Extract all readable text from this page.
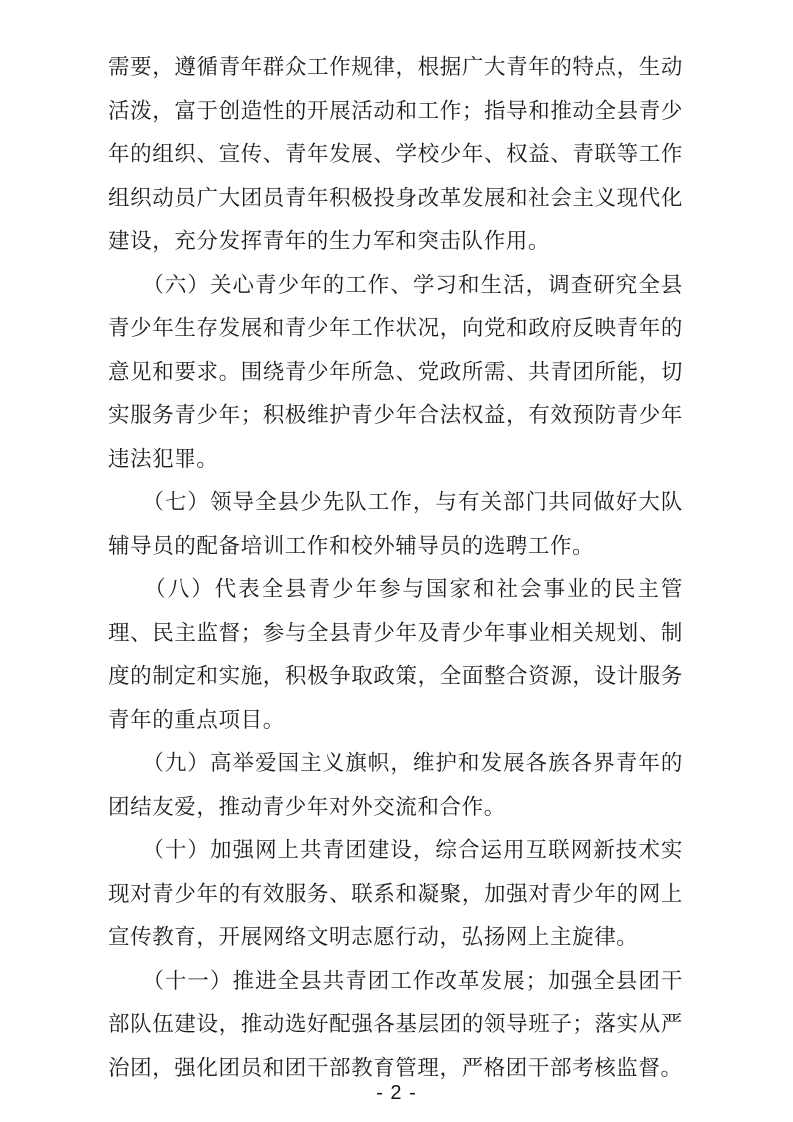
需要，遵循青年群众工作规律，根据广大青年的特点，生动
活泼，富于创造性的开展活动和工作；指导和推动全县青少
年的组织、宣传、青年发展、学校少年、权益、青联等工作
组织动员广大团员青年积极投身改革发展和社会主义现代化
建设，充分发挥青年的生力军和突击队作用。
　　（六）关心青少年的工作、学习和生活，调查研究全县
青少年生存发展和青少年工作状况，向党和政府反映青年的
意见和要求。围绕青少年所急、党政所需、共青团所能，切
实服务青少年；积极维护青少年合法权益，有效预防青少年
违法犯罪。
　　（七）领导全县少先队工作，与有关部门共同做好大队
辅导员的配备培训工作和校外辅导员的选聘工作。
　　（八）代表全县青少年参与国家和社会事业的民主管
理、民主监督；参与全县青少年及青少年事业相关规划、制
度的制定和实施，积极争取政策，全面整合资源，设计服务
青年的重点项目。
　　（九）高举爱国主义旗帜，维护和发展各族各界青年的
团结友爱，推动青少年对外交流和合作。
　　（十）加强网上共青团建设，综合运用互联网新技术实
现对青少年的有效服务、联系和凝聚，加强对青少年的网上
宣传教育，开展网络文明志愿行动，弘扬网上主旋律。
　　（十一）推进全县共青团工作改革发展；加强全县团干
部队伍建设，推动选好配强各基层团的领导班子；落实从严
治团，强化团员和团干部教育管理，严格团干部考核监督。
- 2 -
